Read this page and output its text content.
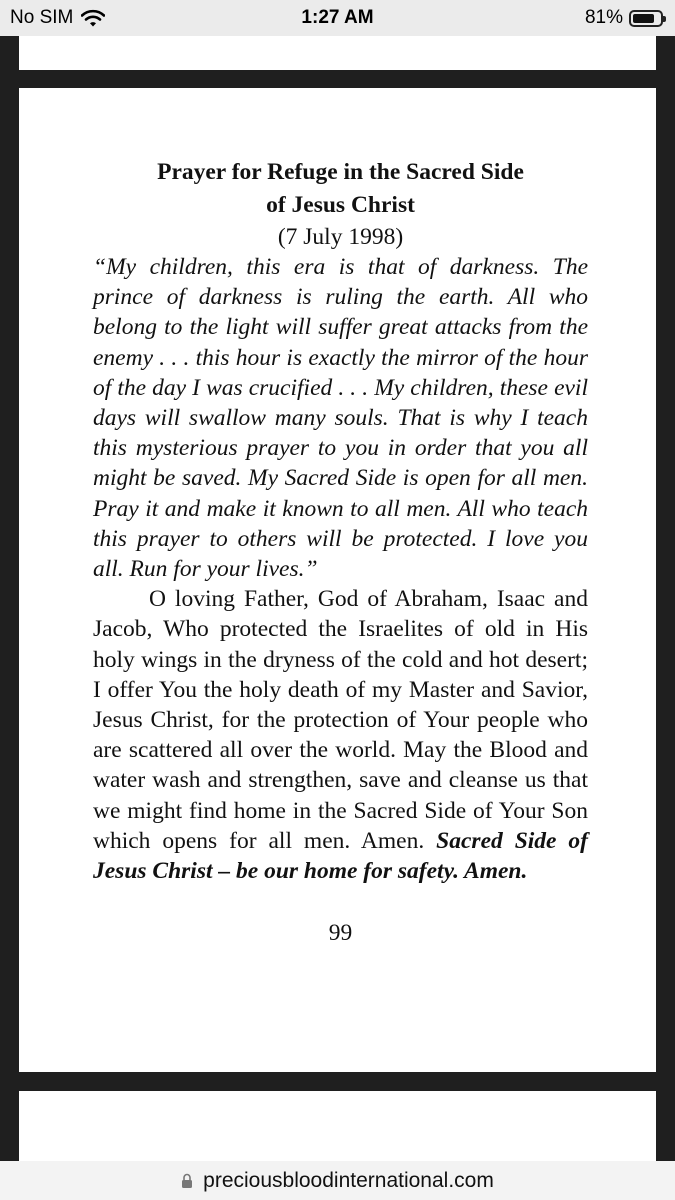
No SIM	1:27 AM	81%
Prayer for Refuge in the Sacred Side
of Jesus Christ
(7 July 1998)

“My children, this era is that of darkness. The prince of darkness is ruling the earth. All who belong to the light will suffer great attacks from the enemy . . . this hour is exactly the mirror of the hour of the day I was crucified . . . My children, these evil days will swallow many souls. That is why I teach this mysterious prayer to you in order that you all might be saved. My Sacred Side is open for all men. Pray it and make it known to all men. All who teach this prayer to others will be protected. I love you all. Run for your lives.”

O loving Father, God of Abraham, Isaac and Jacob, Who protected the Israelites of old in His holy wings in the dryness of the cold and hot desert; I offer You the holy death of my Master and Savior, Jesus Christ, for the protection of Your people who are scattered all over the world. May the Blood and water wash and strengthen, save and cleanse us that we might find home in the Sacred Side of Your Son which opens for all men. Amen. Sacred Side of Jesus Christ – be our home for safety. Amen.

99
preciousbloodinternational.com
